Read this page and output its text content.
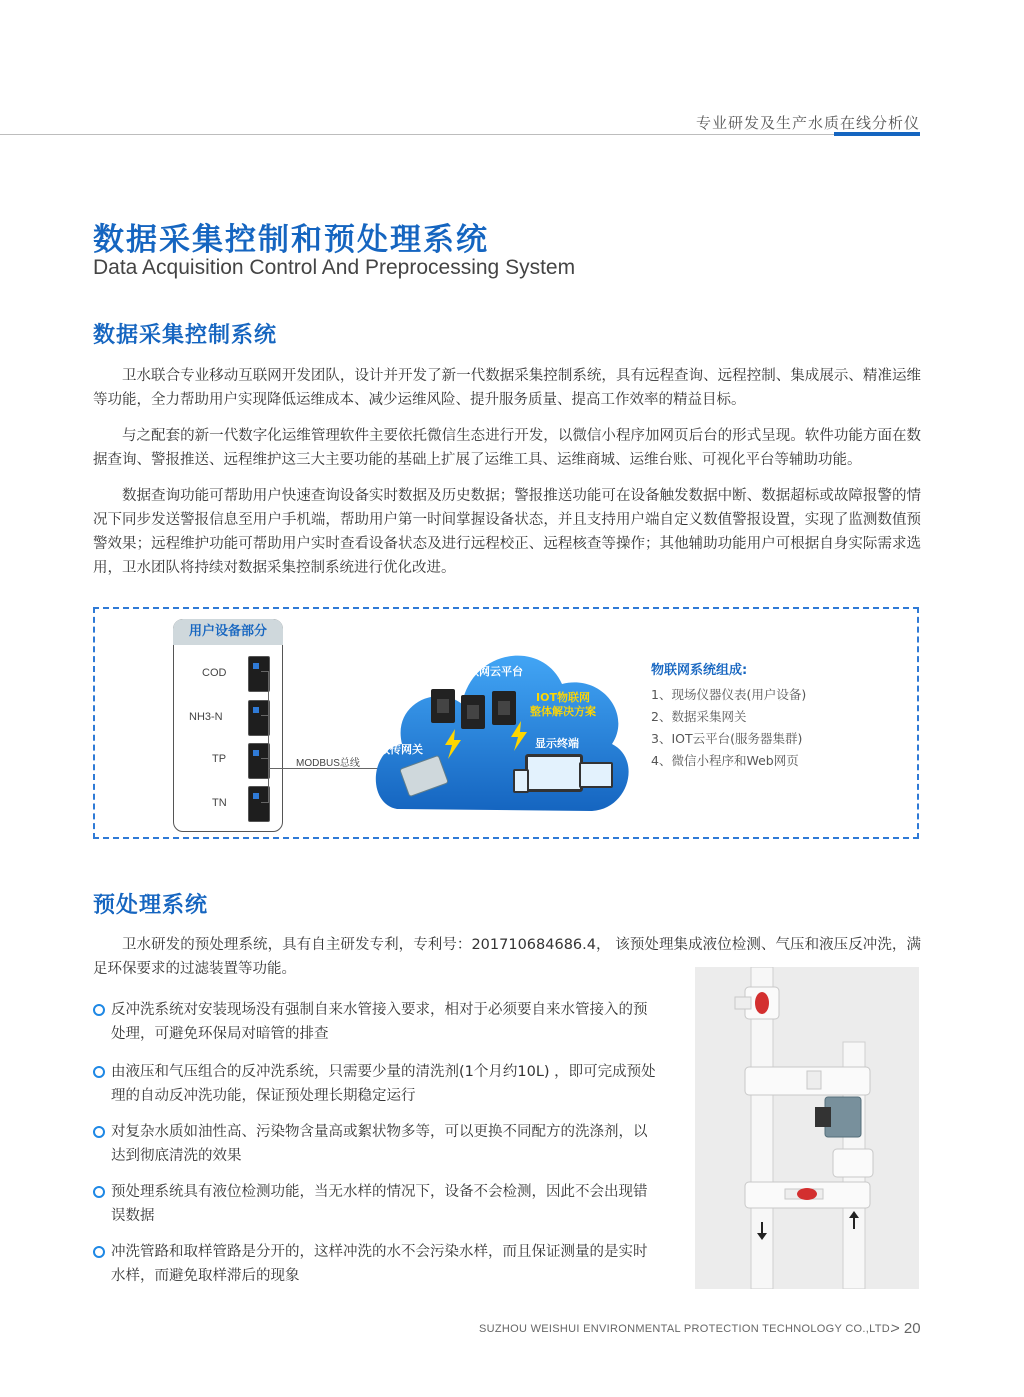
专业研发及生产水质在线分析仪
数据采集控制和预处理系统
Data Acquisition Control And Preprocessing System
数据采集控制系统

卫水联合专业移动互联网开发团队，设计并开发了新一代数据采集控制系统，具有远程查询、远程控制、集成展示、精准运维等功能，全力帮助用户实现降低运维成本、减少运维风险、提升服务质量、提高工作效率的精益目标。

与之配套的新一代数字化运维管理软件主要依托微信生态进行开发，以微信小程序加网页后台的形式呈现。软件功能方面在数据查询、警报推送、远程维护这三大主要功能的基础上扩展了运维工具、运维商城、运维台账、可视化平台等辅助功能。

数据查询功能可帮助用户快速查询设备实时数据及历史数据；警报推送功能可在设备触发数据中断、数据超标或故障报警的情况下同步发送警报信息至用户手机端，帮助用户第一时间掌握设备状态，并且支持用户端自定义数值警报设置，实现了监测数值预警效果；远程维护功能可帮助用户实时查看设备状态及进行远程校正、远程核查等操作；其他辅助功能用户可根据自身实际需求选用，卫水团队将持续对数据采集控制系统进行优化改进。

用户设备部分
COD
NH3-N
TP
TN
MODBUS总线
物联网云平台
IOT物联网
整体解决方案
数传网关	显示终端
物联网系统组成:
1、现场仪器仪表(用户设备)
2、数据采集网关
3、IOT云平台(服务器集群)
4、微信小程序和Web网页
预处理系统

卫水研发的预处理系统，具有自主研发专利，专利号：201710684686.4， 该预处理集成液位检测、气压和液压反冲洗，满足环保要求的过滤装置等功能。

反冲洗系统对安装现场没有强制自来水管接入要求，相对于必须要自来水管接入的预处理，可避免环保局对暗管的排查
由液压和气压组合的反冲洗系统，只需要少量的清洗剂(1个月约10L) ，即可完成预处理的自动反冲洗功能，保证预处理长期稳定运行
对复杂水质如油性高、污染物含量高或絮状物多等，可以更换不同配方的洗涤剂，以达到彻底清洗的效果
预处理系统具有液位检测功能，当无水样的情况下，设备不会检测，因此不会出现错误数据
冲洗管路和取样管路是分开的，这样冲洗的水不会污染水样，而且保证测量的是实时水样，而避免取样滞后的现象
SUZHOU WEISHUI ENVIRONMENTAL PROTECTION TECHNOLOGY CO.,LTD.
> 20
